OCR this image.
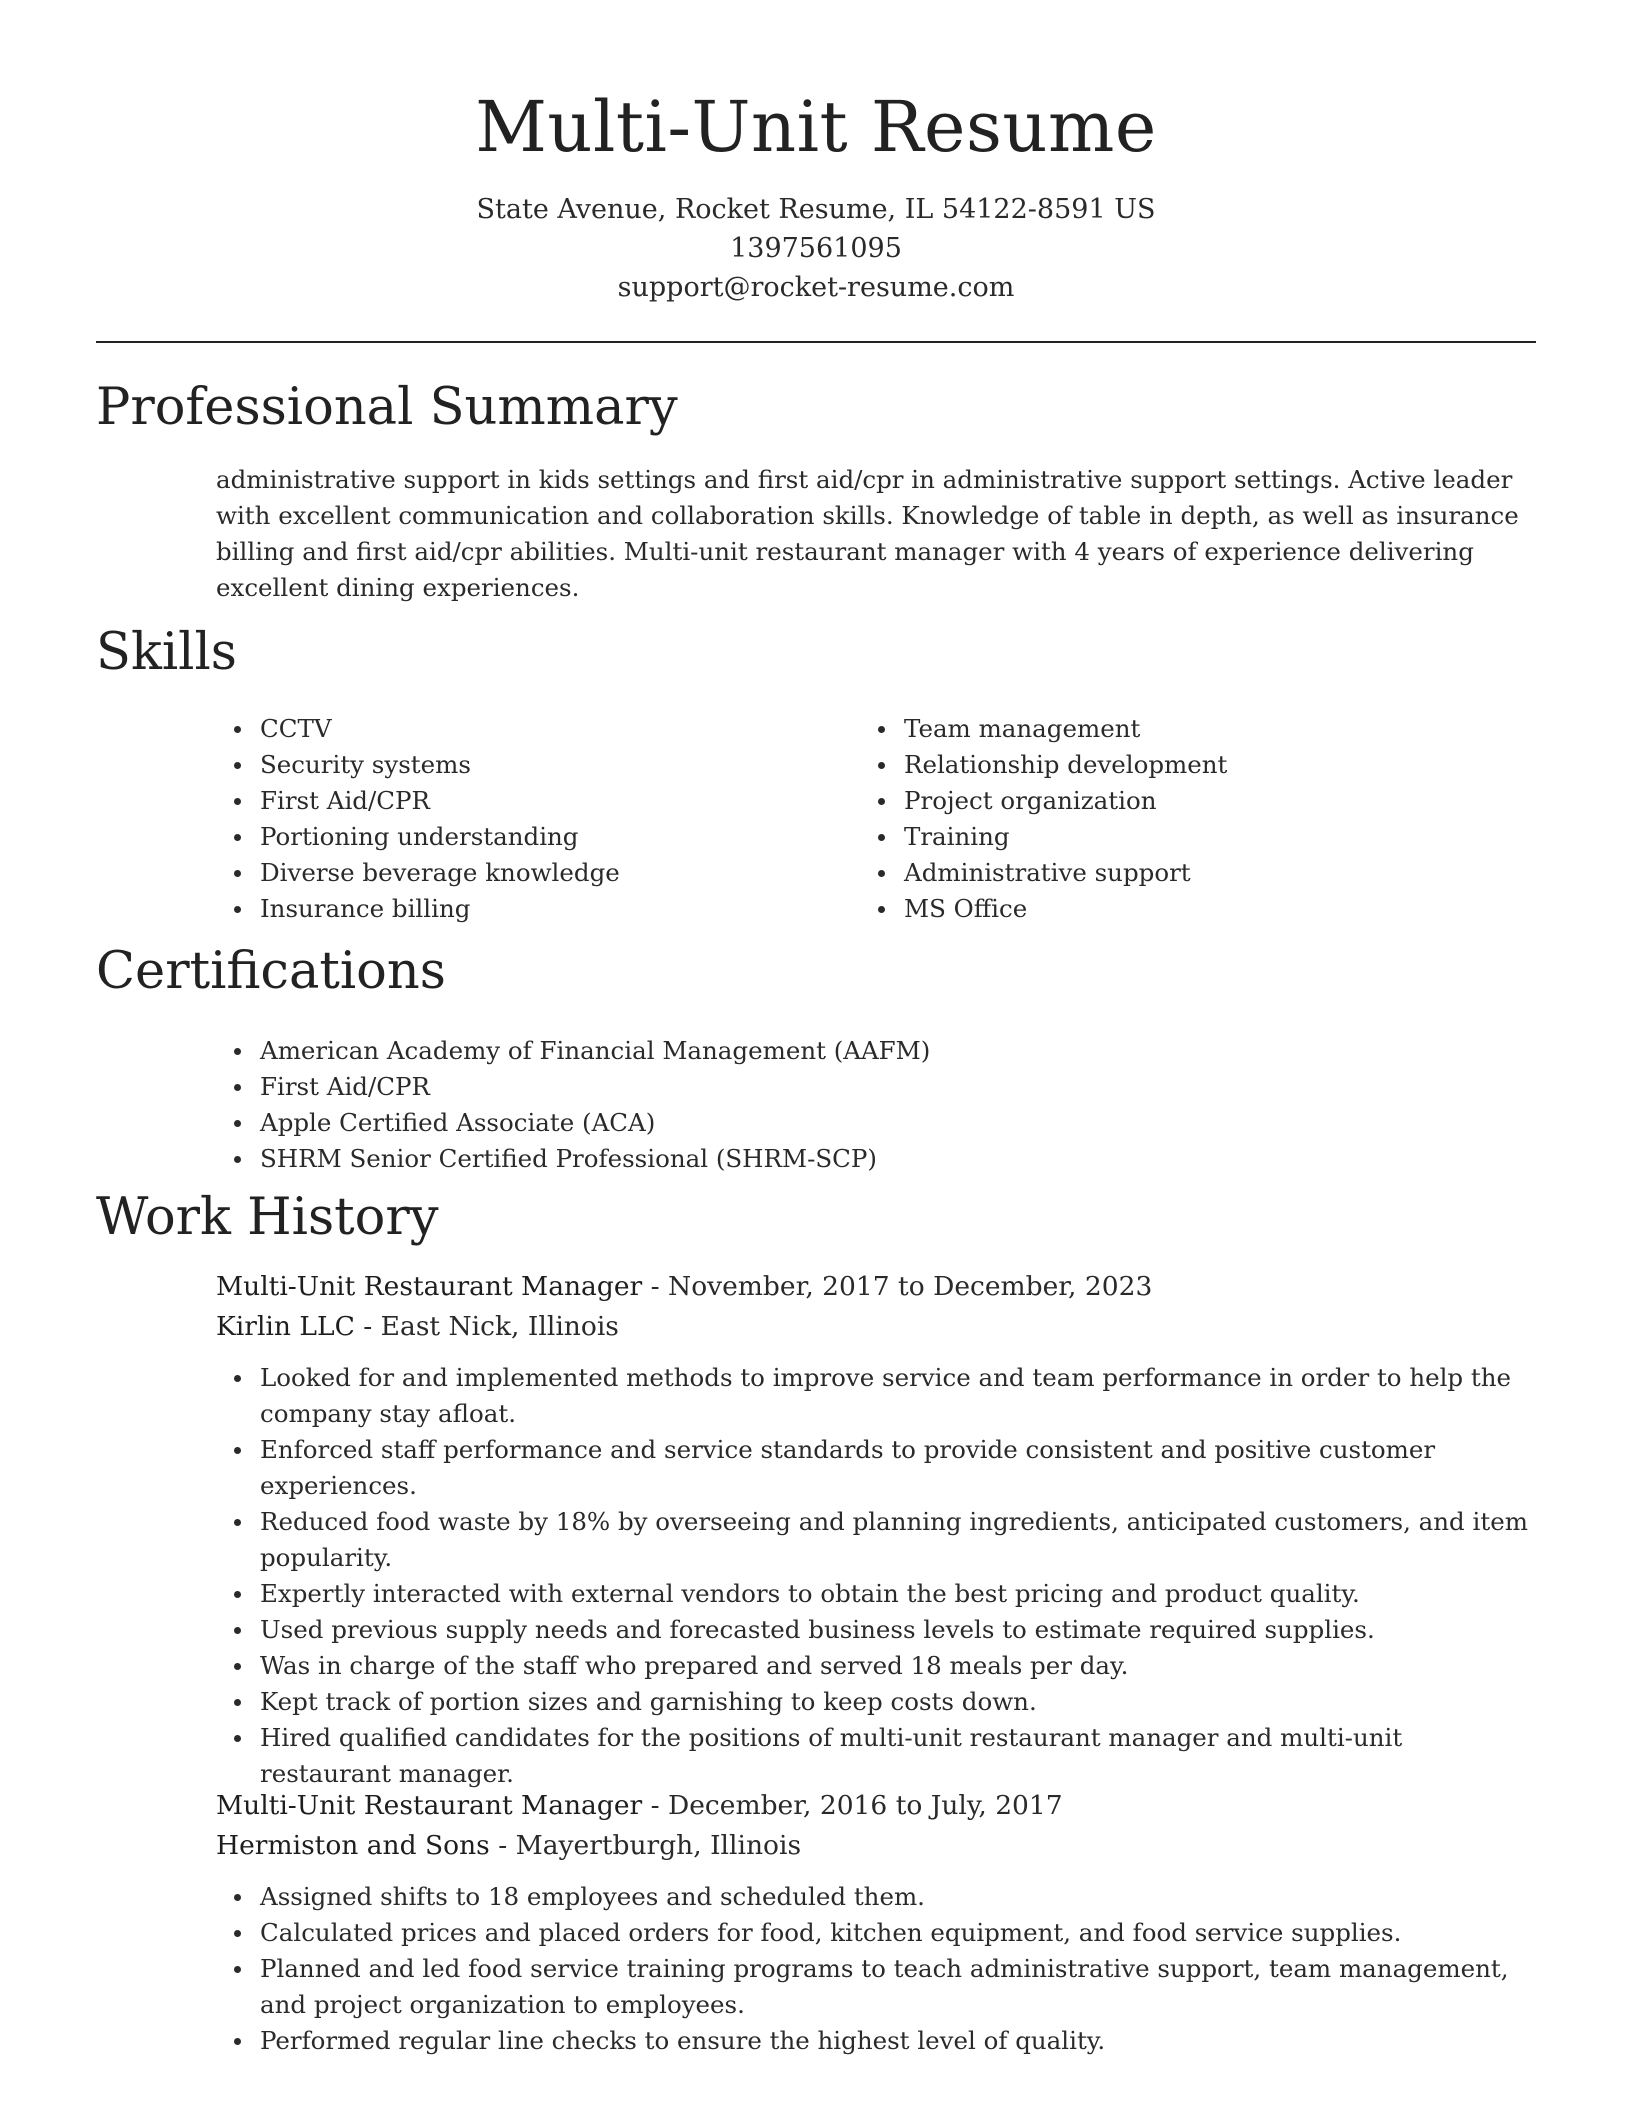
Multi-Unit Resume
State Avenue, Rocket Resume, IL 54122-8591 US
1397561095
support@rocket-resume.com
Professional Summary
administrative support in kids settings and first aid/cpr in administrative support settings. Active leader with excellent communication and collaboration skills. Knowledge of table in depth, as well as insurance billing and first aid/cpr abilities. Multi-unit restaurant manager with 4 years of experience delivering excellent dining experiences.
Skills
CCTV
Security systems
First Aid/CPR
Portioning understanding
Diverse beverage knowledge
Insurance billing
Team management
Relationship development
Project organization
Training
Administrative support
MS Office
Certifications
American Academy of Financial Management (AAFM)
First Aid/CPR
Apple Certified Associate (ACA)
SHRM Senior Certified Professional (SHRM-SCP)
Work History
Multi-Unit Restaurant Manager - November, 2017 to December, 2023
Kirlin LLC - East Nick, Illinois
Looked for and implemented methods to improve service and team performance in order to help the company stay afloat.
Enforced staff performance and service standards to provide consistent and positive customer experiences.
Reduced food waste by 18% by overseeing and planning ingredients, anticipated customers, and item popularity.
Expertly interacted with external vendors to obtain the best pricing and product quality.
Used previous supply needs and forecasted business levels to estimate required supplies.
Was in charge of the staff who prepared and served 18 meals per day.
Kept track of portion sizes and garnishing to keep costs down.
Hired qualified candidates for the positions of multi-unit restaurant manager and multi-unit restaurant manager.
Multi-Unit Restaurant Manager - December, 2016 to July, 2017
Hermiston and Sons - Mayertburgh, Illinois
Assigned shifts to 18 employees and scheduled them.
Calculated prices and placed orders for food, kitchen equipment, and food service supplies.
Planned and led food service training programs to teach administrative support, team management, and project organization to employees.
Performed regular line checks to ensure the highest level of quality.
